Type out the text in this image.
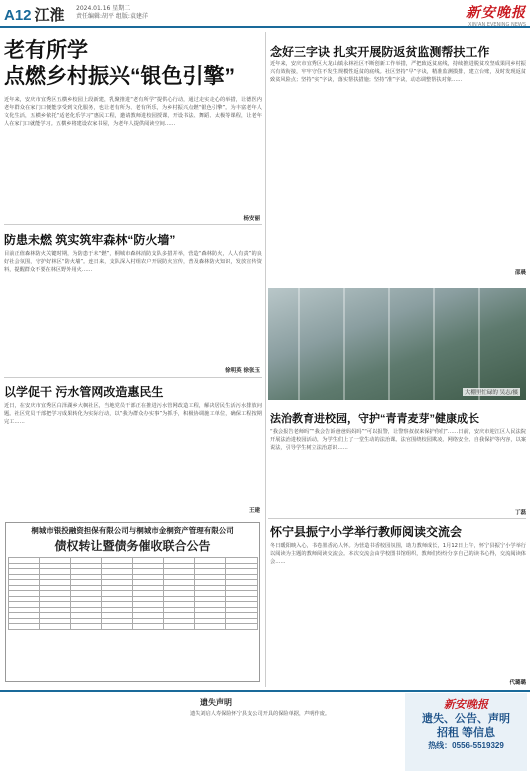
A12 江淮 2024.01.16 星期二
责任编辑:胡平 组版:袁建洋	新安晚报
XIN'AN EVENING NEWS
老有所学
点燃乡村振兴“银色引擎”
近年来，安庆市宜秀区五横乡校园上段新建，乳聚推进“老有所学”提供心行动，通过走实走心的举措，让德医内老年群众在家门口便能享受到文化服务，也让老有所为、老有所乐，为乡村振兴点燃“银色引擎”。为丰富老年人文化生活，五横乡依托“适老化乐学习”惠民工程，邀请教师进校园授课，开设书法、舞蹈、太极等课程，让老年人在家门口就能学习。五横乡将建设农家书屋，为老年人提供阅读空间……
杨安丽
防患未燃 筑实筑牢森林“防火墙”
目前正值森林防火关键时期，为防患于未“燃”，桐城市森林消防支队多措并举，营造“森林防火，人人有责”的良好社会氛围，守护好林区“防火墙”。连日来，支队深入村组农户开展防火宣传，普及森林防火知识，发放宣传资料，提醒群众不要在林区野外用火……
徐明英 徐张玉
以学促干 污水管网改造惠民生
近日，在安庆市宜秀区白泽湖乡大枫社区，当地党员干部正在推进污水管网改造工程，解决居民生活污水排放问题。社区党员干部把学习成果转化为实际行动，以“我为群众办实事”为抓手，积极协调施工单位，确保工程按期完工……
王建
桐城市银投融资担保有限公司与桐城市金桐资产管理有限公司
债权转让暨债务催收联合公告

念好三字诀 扎实开展防返贫监测帮扶工作
近年来，安庆市宜秀区大龙山镇永林社区不断创新工作举措，严把致返贫底线，持续推进脱贫攻坚成果同乡村振兴有效衔接，牢牢守住不发生规模性返贫的底线。社区坚持“早”字诀，精准监测摸排，建立台账，及时发现返贫致贫风险点；坚持“实”字诀，落实帮扶措施；坚持“准”字诀，动态调整帮扶对象……
邵晨
大棚里忙碌的 吴志/摄
法治教育进校园，守护“青青麦芽”健康成长
“我会报告老师吗”“我会告诉爸爸妈妈吗”“可以报警，让警察叔叔来保护你们”……日前，安庆市迎江区人民法院开展法治进校园活动，为学生们上了一堂生动的法治课。法官围绕校园欺凌、网络安全、自我保护等内容，以案说法，引导学生树立法治意识……
丁磊
怀宁县振宁小学举行教师阅读交流会
冬日暖阳映入心，书卷墨香沁人怀。为营造书香校园氛围，助力教师成长，1月12日上午，怀宁县振宁小学举行以阅读为主题的教师阅读交流会。本次交流会由学校图书馆组织，教师们纷纷分享自己的读书心得，交流阅读体会……
代璐璐
遗失声明
遗失刘启人寿保险怀宁县支公司开具的保险单据，声明作废。
新安晚报
遗失、公告、声明
招租 等信息
热线：0556-5519329
